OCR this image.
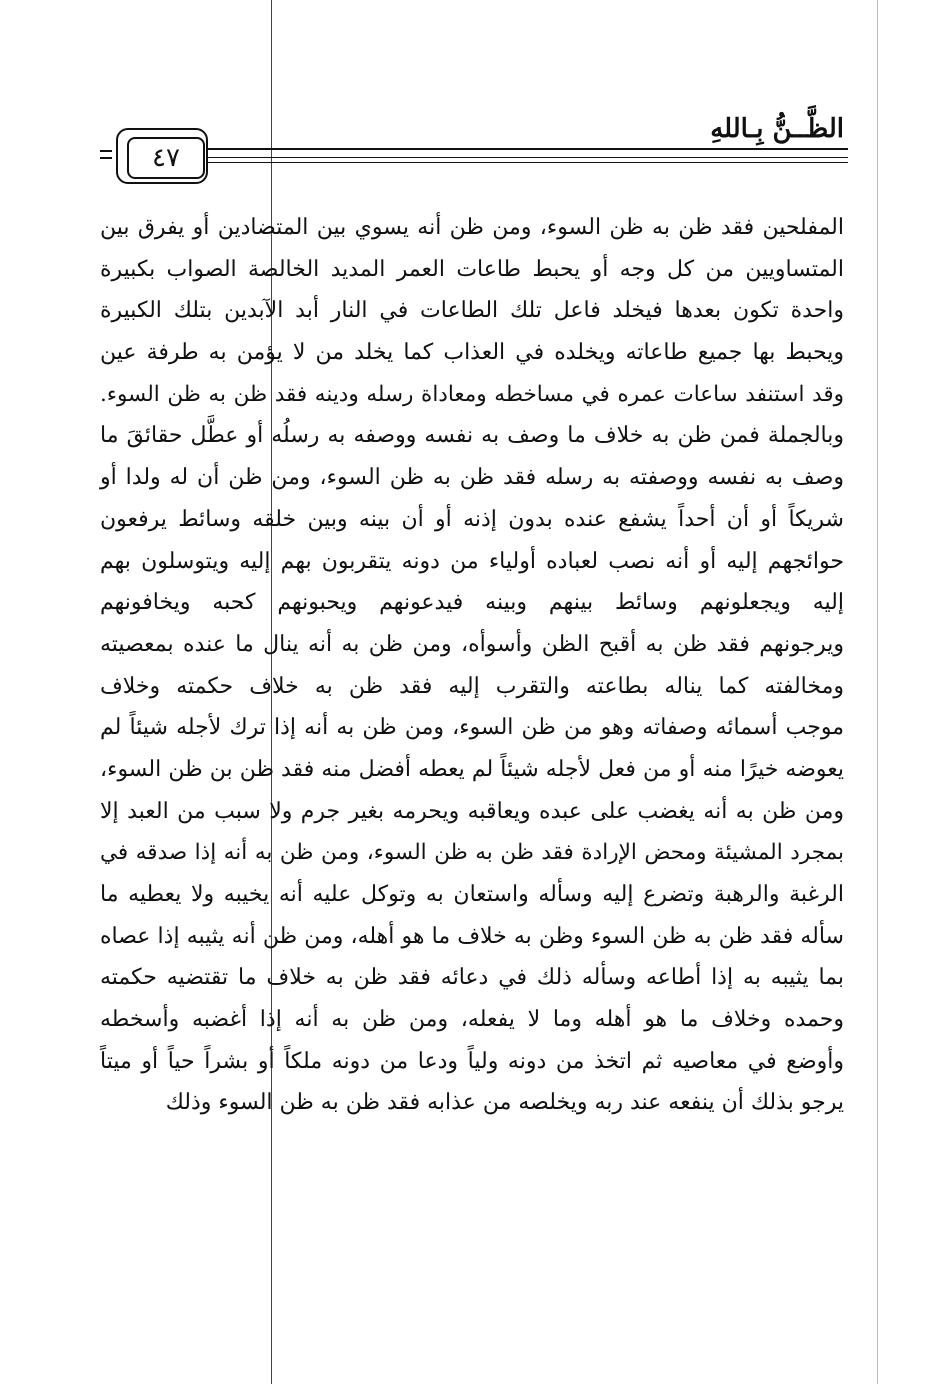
الظَّــنُّ بِـاللهِ
٤٧
المفلحين فقد ظن به ظن السوء، ومن ظن أنه يسوي بين المتضادين أو يفرق بين
المتساويين من كل وجه أو يحبط طاعات العمر المديد الخالصة الصواب بكبيرة
واحدة تكون بعدها فيخلد فاعل تلك الطاعات في النار أبد الآبدين بتلك الكبيرة
ويحبط بها جميع طاعاته ويخلده في العذاب كما يخلد من لا يؤمن به طرفة عين
وقد استنفد ساعات عمره في مساخطه ومعاداة رسله ودينه فقد ظن به ظن السوء.
وبالجملة فمن ظن به خلاف ما وصف به نفسه ووصفه به رسلُه أو عطَّل حقائقَ ما
وصف به نفسه ووصفته به رسله فقد ظن به ظن السوء، ومن ظن أن له ولدا أو
شريكاً أو أن أحداً يشفع عنده بدون إذنه أو أن بينه وبين خلقه وسائط يرفعون
حوائجهم إليه أو أنه نصب لعباده أولياء من دونه يتقربون بهم إليه ويتوسلون بهم
إليه ويجعلونهم وسائط بينهم وبينه فيدعونهم ويحبونهم كحبه ويخافونهم
ويرجونهم فقد ظن به أقبح الظن وأسوأه، ومن ظن به أنه ينال ما عنده بمعصيته
ومخالفته كما يناله بطاعته والتقرب إليه فقد ظن به خلاف حكمته وخلاف
موجب أسمائه وصفاته وهو من ظن السوء، ومن ظن به أنه إذا ترك لأجله شيئاً لم
يعوضه خيرًا منه أو من فعل لأجله شيئاً لم يعطه أفضل منه فقد ظن بن ظن السوء،
ومن ظن به أنه يغضب على عبده ويعاقبه ويحرمه بغير جرم ولا سبب من العبد إلا
بمجرد المشيئة ومحض الإرادة فقد ظن به ظن السوء، ومن ظن به أنه إذا صدقه في
الرغبة والرهبة وتضرع إليه وسأله واستعان به وتوكل عليه أنه يخيبه ولا يعطيه ما
سأله فقد ظن به ظن السوء وظن به خلاف ما هو أهله، ومن ظن أنه يثيبه إذا عصاه
بما يثيبه به إذا أطاعه وسأله ذلك في دعائه فقد ظن به خلاف ما تقتضيه حكمته
وحمده وخلاف ما هو أهله وما لا يفعله، ومن ظن به أنه إذا أغضبه وأسخطه
وأوضع في معاصيه ثم اتخذ من دونه ولياً ودعا من دونه ملكاً أو بشراً حياً أو ميتاً
يرجو بذلك أن ينفعه عند ربه ويخلصه من عذابه فقد ظن به ظن السوء وذلك
